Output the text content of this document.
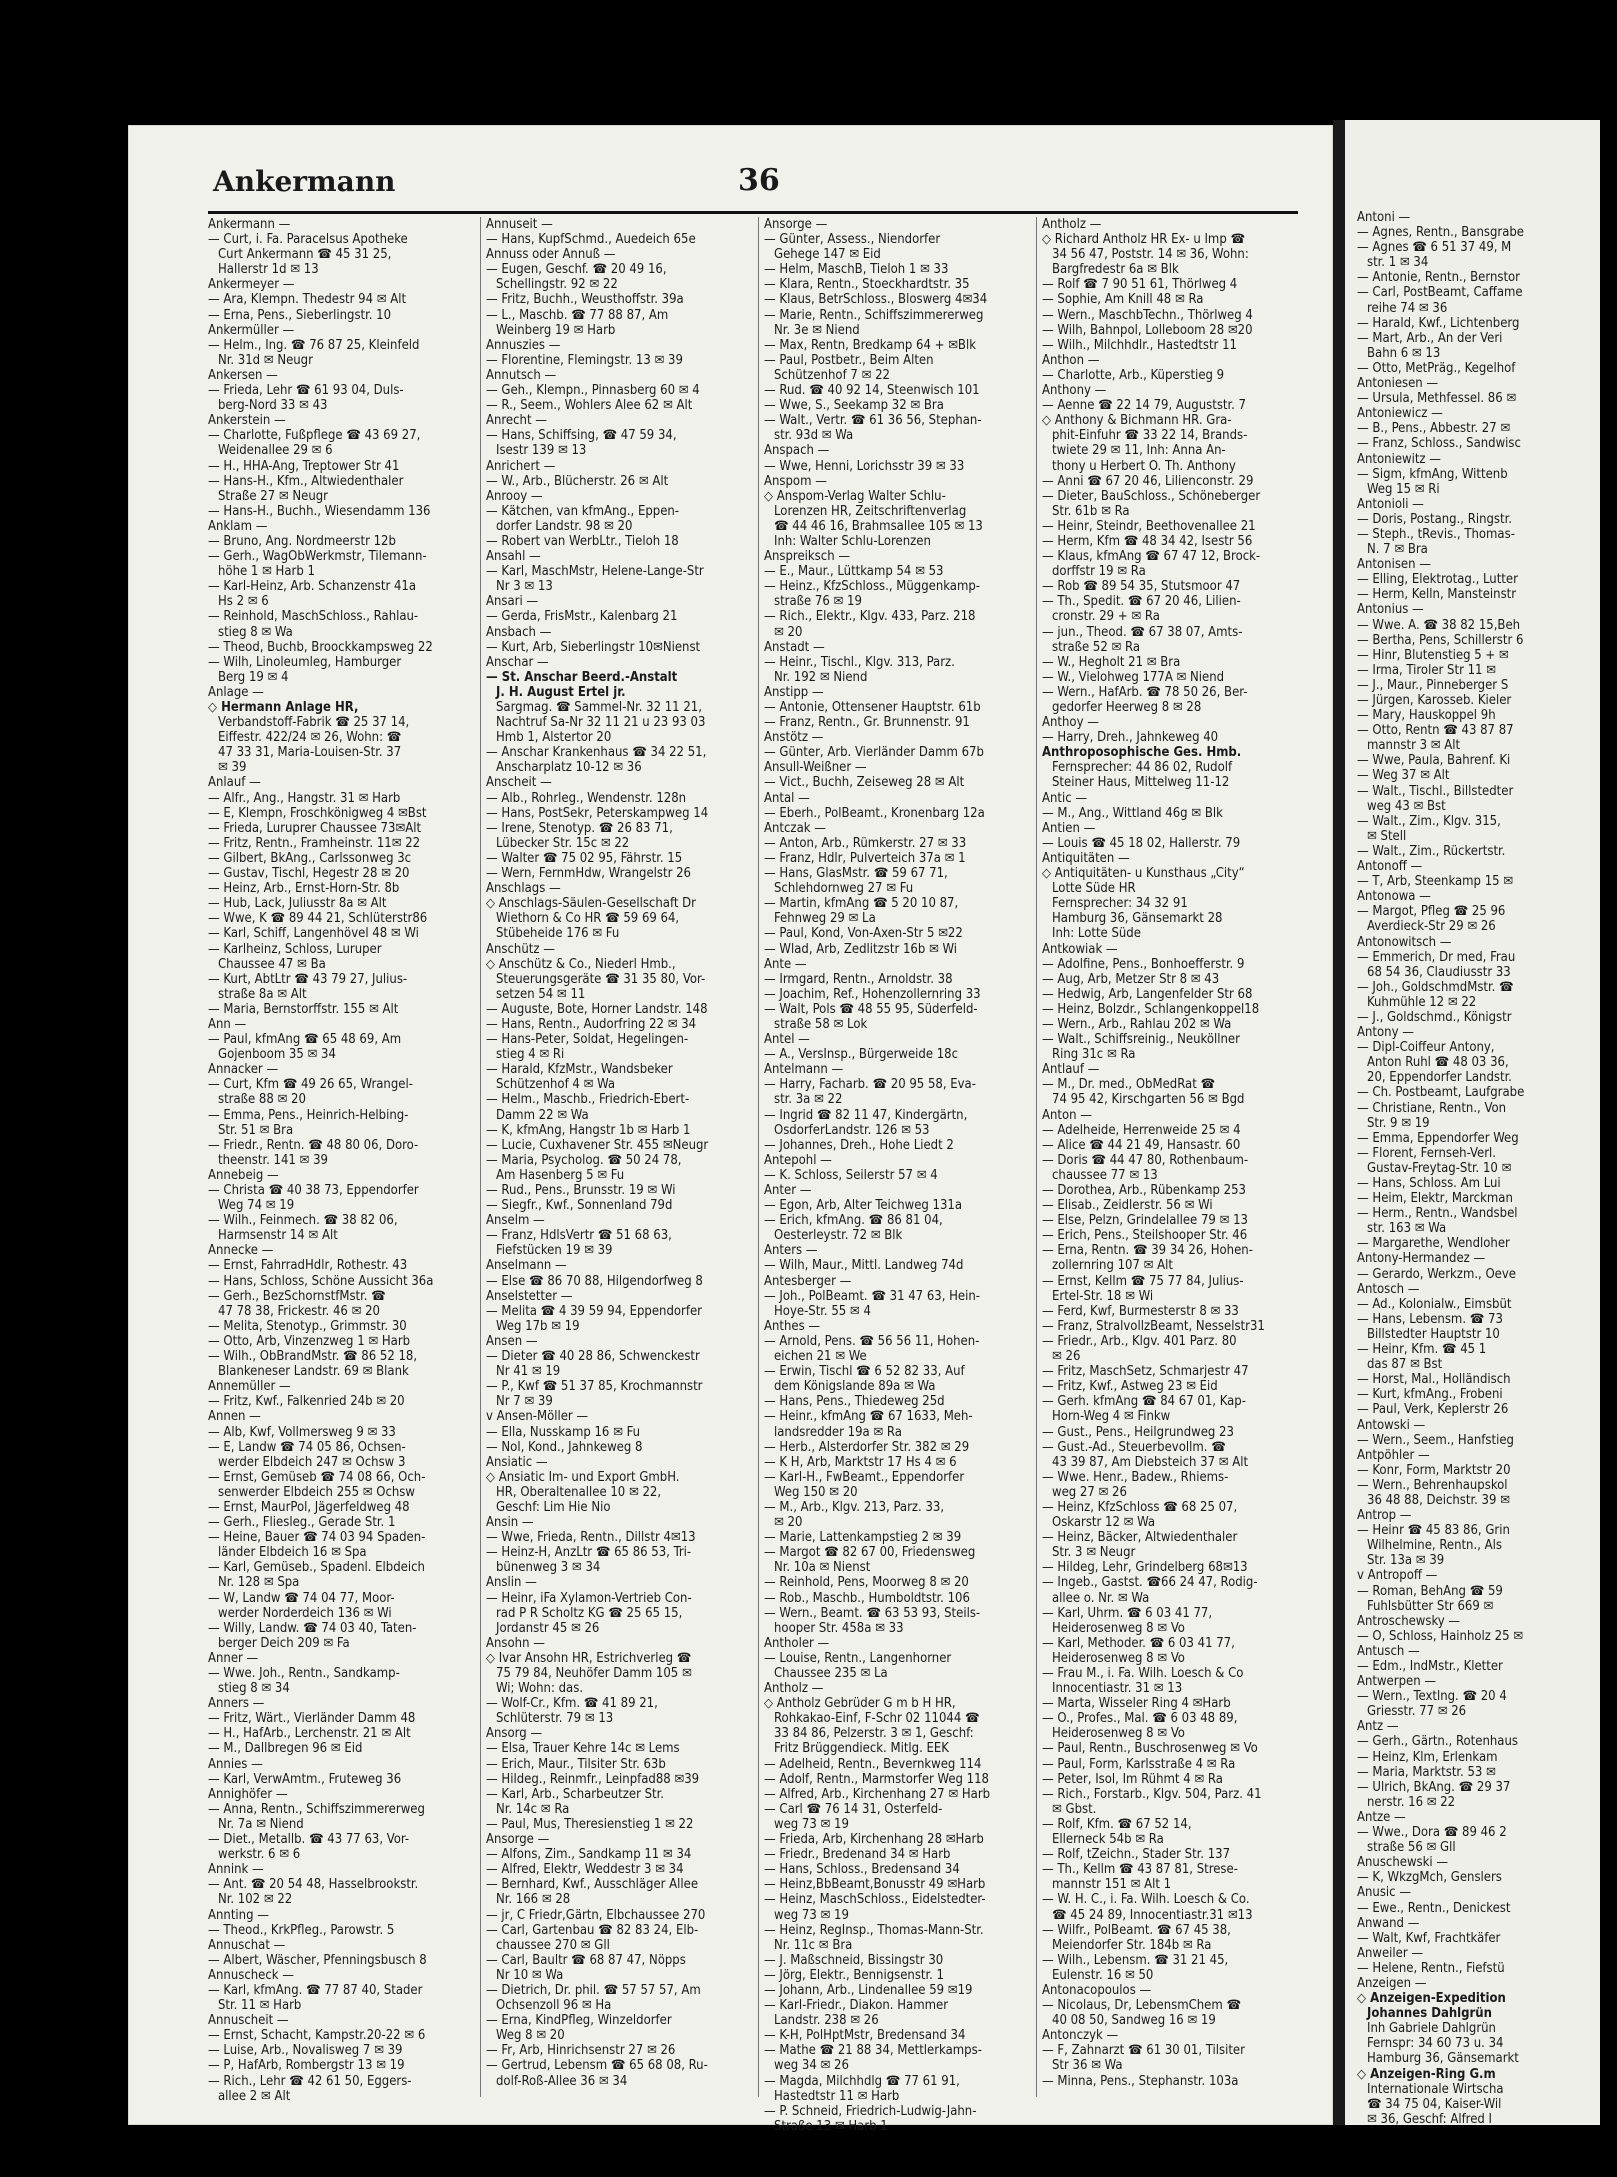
Ankermann	36
Ankermann —
— Curt, i. Fa. Paracelsus Apotheke
Curt Ankermann ☎ 45 31 25,
Hallerstr 1d ✉ 13
Ankermeyer —
— Ara, Klempn. Thedestr 94 ✉ Alt
— Erna, Pens., Sieberlingstr. 10
Ankermüller —
— Helm., Ing. ☎ 76 87 25, Kleinfeld
Nr. 31d ✉ Neugr
Ankersen —
— Frieda, Lehr ☎ 61 93 04, Duls-
berg-Nord 33 ✉ 43
Ankerstein —
— Charlotte, Fußpflege ☎ 43 69 27,
Weidenallee 29 ✉ 6
— H., HHA-Ang, Treptower Str 41
— Hans-H., Kfm., Altwiedenthaler
Straße 27 ✉ Neugr
— Hans-H., Buchh., Wiesendamm 136
Anklam —
— Bruno, Ang. Nordmeerstr 12b
— Gerh., WagObWerkmstr, Tilemann-
höhe 1 ✉ Harb 1
— Karl-Heinz, Arb. Schanzenstr 41a
Hs 2 ✉ 6
— Reinhold, MaschSchloss., Rahlau-
stieg 8 ✉ Wa
— Theod, Buchb, Broockkampsweg 22
— Wilh, Linoleumleg, Hamburger
Berg 19 ✉ 4
Anlage —
◇ Hermann Anlage HR,
Verbandstoff-Fabrik ☎ 25 37 14,
Eiffestr. 422/24 ✉ 26, Wohn: ☎
47 33 31, Maria-Louisen-Str. 37
✉ 39
Anlauf —
— Alfr., Ang., Hangstr. 31 ✉ Harb
— E, Klempn, Froschkönigweg 4 ✉Bst
— Frieda, Luruprer Chaussee 73✉Alt
— Fritz, Rentn., Framheinstr. 11✉ 22
— Gilbert, BkAng., Carlssonweg 3c
— Gustav, Tischl, Hegestr 28 ✉ 20
— Heinz, Arb., Ernst-Horn-Str. 8b
— Hub, Lack, Juliusstr 8a ✉ Alt
— Wwe, K ☎ 89 44 21, Schlüterstr86
— Karl, Schiff, Langenhövel 48 ✉ Wi
— Karlheinz, Schloss, Luruper
Chaussee 47 ✉ Ba
— Kurt, AbtLtr ☎ 43 79 27, Julius-
straße 8a ✉ Alt
— Maria, Bernstorffstr. 155 ✉ Alt
Ann —
— Paul, kfmAng ☎ 65 48 69, Am
Gojenboom 35 ✉ 34
Annacker —
— Curt, Kfm ☎ 49 26 65, Wrangel-
straße 88 ✉ 20
— Emma, Pens., Heinrich-Helbing-
Str. 51 ✉ Bra
— Friedr., Rentn. ☎ 48 80 06, Doro-
theenstr. 141 ✉ 39
Annebeig —
— Christa ☎ 40 38 73, Eppendorfer
Weg 74 ✉ 19
— Wilh., Feinmech. ☎ 38 82 06,
Harmsenstr 14 ✉ Alt
Annecke —
— Ernst, FahrradHdlr, Rothestr. 43
— Hans, Schloss, Schöne Aussicht 36a
— Gerh., BezSchornstfMstr. ☎
47 78 38, Frickestr. 46 ✉ 20
— Melita, Stenotyp., Grimmstr. 30
— Otto, Arb, Vinzenzweg 1 ✉ Harb
— Wilh., ObBrandMstr. ☎ 86 52 18,
Blankeneser Landstr. 69 ✉ Blank
Annemüller —
— Fritz, Kwf., Falkenried 24b ✉ 20
Annen —
— Alb, Kwf, Vollmersweg 9 ✉ 33
— E, Landw ☎ 74 05 86, Ochsen-
werder Elbdeich 247 ✉ Ochsw 3
— Ernst, Gemüseb ☎ 74 08 66, Och-
senwerder Elbdeich 255 ✉ Ochsw
— Ernst, MaurPol, Jägerfeldweg 48
— Gerh., Fliesleg., Gerade Str. 1
— Heine, Bauer ☎ 74 03 94 Spaden-
länder Elbdeich 16 ✉ Spa
— Karl, Gemüseb., Spadenl. Elbdeich
Nr. 128 ✉ Spa
— W, Landw ☎ 74 04 77, Moor-
werder Norderdeich 136 ✉ Wi
— Willy, Landw. ☎ 74 03 40, Taten-
berger Deich 209 ✉ Fa
Anner —
— Wwe. Joh., Rentn., Sandkamp-
stieg 8 ✉ 34
Anners —
— Fritz, Wärt., Vierländer Damm 48
— H., HafArb., Lerchenstr. 21 ✉ Alt
— M., Dallbregen 96 ✉ Eid
Annies —
— Karl, VerwAmtm., Fruteweg 36
Annighöfer —
— Anna, Rentn., Schiffszimmererweg
Nr. 7a ✉ Niend
— Diet., Metallb. ☎ 43 77 63, Vor-
werkstr. 6 ✉ 6
Annink —
— Ant. ☎ 20 54 48, Hasselbrookstr.
Nr. 102 ✉ 22
Annting —
— Theod., KrkPfleg., Parowstr. 5
Annuschat —
— Albert, Wäscher, Pfenningsbusch 8
Annuscheck —
— Karl, kfmAng. ☎ 77 87 40, Stader
Str. 11 ✉ Harb
Annuscheit —
— Ernst, Schacht, Kampstr.20-22 ✉ 6
— Luise, Arb., Novalisweg 7 ✉ 39
— P, HafArb, Rombergstr 13 ✉ 19
— Rich., Lehr ☎ 42 61 50, Eggers-
allee 2 ✉ Alt
Annuseit —
— Hans, KupfSchmd., Auedeich 65e
Annuss oder Annuß —
— Eugen, Geschf. ☎ 20 49 16,
Schellingstr. 92 ✉ 22
— Fritz, Buchh., Weusthoffstr. 39a
— L., Maschb. ☎ 77 88 87, Am
Weinberg 19 ✉ Harb
Annuszies —
— Florentine, Flemingstr. 13 ✉ 39
Annutsch —
— Geh., Klempn., Pinnasberg 60 ✉ 4
— R., Seem., Wohlers Alee 62 ✉ Alt
Anrecht —
— Hans, Schiffsing, ☎ 47 59 34,
Isestr 139 ✉ 13
Anrichert —
— W., Arb., Blücherstr. 26 ✉ Alt
Anrooy —
— Kätchen, van kfmAng., Eppen-
dorfer Landstr. 98 ✉ 20
— Robert van WerbLtr., Tieloh 18
Ansahl —
— Karl, MaschMstr, Helene-Lange-Str
Nr 3 ✉ 13
Ansari —
— Gerda, FrisMstr., Kalenbarg 21
Ansbach —
— Kurt, Arb, Sieberlingstr 10✉Nienst
Anschar —
— St. Anschar Beerd.-Anstalt
J. H. August Ertel jr.
Sargmag. ☎ Sammel-Nr. 32 11 21,
Nachtruf Sa-Nr 32 11 21 u 23 93 03
Hmb 1, Alstertor 20
— Anschar Krankenhaus ☎ 34 22 51,
Anscharplatz 10-12 ✉ 36
Anscheit —
— Alb., Rohrleg., Wendenstr. 128n
— Hans, PostSekr, Peterskampweg 14
— Irene, Stenotyp. ☎ 26 83 71,
Lübecker Str. 15c ✉ 22
— Walter ☎ 75 02 95, Fährstr. 15
— Wern, FernmHdw, Wrangelstr 26
Anschlags —
◇ Anschlags-Säulen-Gesellschaft Dr
Wiethorn & Co HR ☎ 59 69 64,
Stübeheide 176 ✉ Fu
Anschütz —
◇ Anschütz & Co., Niederl Hmb.,
Steuerungsgeräte ☎ 31 35 80, Vor-
setzen 54 ✉ 11
— Auguste, Bote, Horner Landstr. 148
— Hans, Rentn., Audorfring 22 ✉ 34
— Hans-Peter, Soldat, Hegelingen-
stieg 4 ✉ Ri
— Harald, KfzMstr., Wandsbeker
Schützenhof 4 ✉ Wa
— Helm., Maschb., Friedrich-Ebert-
Damm 22 ✉ Wa
— K, kfmAng, Hangstr 1b ✉ Harb 1
— Lucie, Cuxhavener Str. 455 ✉Neugr
— Maria, Psycholog. ☎ 50 24 78,
Am Hasenberg 5 ✉ Fu
— Rud., Pens., Brunsstr. 19 ✉ Wi
— Siegfr., Kwf., Sonnenland 79d
Anselm —
— Franz, HdlsVertr ☎ 51 68 63,
Fiefstücken 19 ✉ 39
Anselmann —
— Else ☎ 86 70 88, Hilgendorfweg 8
Anselstetter —
— Melita ☎ 4 39 59 94, Eppendorfer
Weg 17b ✉ 19
Ansen —
— Dieter ☎ 40 28 86, Schwenckestr
Nr 41 ✉ 19
— P., Kwf ☎ 51 37 85, Krochmannstr
Nr 7 ✉ 39
v Ansen-Möller —
— Ella, Nusskamp 16 ✉ Fu
— Nol, Kond., Jahnkeweg 8
Ansiatic —
◇ Ansiatic Im- und Export GmbH.
HR, Oberaltenallee 10 ✉ 22,
Geschf: Lim Hie Nio
Ansin —
— Wwe, Frieda, Rentn., Dillstr 4✉13
— Heinz-H, AnzLtr ☎ 65 86 53, Tri-
bünenweg 3 ✉ 34
Anslin —
— Heinr, iFa Xylamon-Vertrieb Con-
rad P R Scholtz KG ☎ 25 65 15,
Jordanstr 45 ✉ 26
Ansohn —
◇ Ivar Ansohn HR, Estrichverleg ☎
75 79 84, Neuhöfer Damm 105 ✉
Wi; Wohn: das.
— Wolf-Cr., Kfm. ☎ 41 89 21,
Schlüterstr. 79 ✉ 13
Ansorg —
— Elsa, Trauer Kehre 14c ✉ Lems
— Erich, Maur., Tilsiter Str. 63b
— Hildeg., Reinmfr., Leinpfad88 ✉39
— Karl, Arb., Scharbeutzer Str.
Nr. 14c ✉ Ra
— Paul, Mus, Theresienstieg 1 ✉ 22
Ansorge —
— Alfons, Zim., Sandkamp 11 ✉ 34
— Alfred, Elektr, Weddestr 3 ✉ 34
— Bernhard, Kwf., Ausschläger Allee
Nr. 166 ✉ 28
— jr, C Friedr,Gärtn, Elbchaussee 270
— Carl, Gartenbau ☎ 82 83 24, Elb-
chaussee 270 ✉ Gll
— Carl, Baultr ☎ 68 87 47, Nöpps
Nr 10 ✉ Wa
— Dietrich, Dr. phil. ☎ 57 57 57, Am
Ochsenzoll 96 ✉ Ha
— Erna, KindPfleg, Winzeldorfer
Weg 8 ✉ 20
— Fr, Arb, Hinrichsenstr 27 ✉ 26
— Gertrud, Lebensm ☎ 65 68 08, Ru-
dolf-Roß-Allee 36 ✉ 34
Ansorge —
— Günter, Assess., Niendorfer
Gehege 147 ✉ Eid
— Helm, MaschB, Tieloh 1 ✉ 33
— Klara, Rentn., Stoeckhardtstr. 35
— Klaus, BetrSchloss., Bloswerg 4✉34
— Marie, Rentn., Schiffszimmererweg
Nr. 3e ✉ Niend
— Max, Rentn, Bredkamp 64 + ✉Blk
— Paul, Postbetr., Beim Alten
Schützenhof 7 ✉ 22
— Rud. ☎ 40 92 14, Steenwisch 101
— Wwe, S., Seekamp 32 ✉ Bra
— Walt., Vertr. ☎ 61 36 56, Stephan-
str. 93d ✉ Wa
Anspach —
— Wwe, Henni, Lorichsstr 39 ✉ 33
Anspom —
◇ Anspom-Verlag Walter Schlu-
Lorenzen HR, Zeitschriftenverlag
☎ 44 46 16, Brahmsallee 105 ✉ 13
Inh: Walter Schlu-Lorenzen
Anspreiksch —
— E., Maur., Lüttkamp 54 ✉ 53
— Heinz., KfzSchloss., Müggenkamp-
straße 76 ✉ 19
— Rich., Elektr., Klgv. 433, Parz. 218
✉ 20
Anstadt —
— Heinr., Tischl., Klgv. 313, Parz.
Nr. 192 ✉ Niend
Anstipp —
— Antonie, Ottensener Hauptstr. 61b
— Franz, Rentn., Gr. Brunnenstr. 91
Anstötz —
— Günter, Arb. Vierländer Damm 67b
Ansull-Weißner —
— Vict., Buchh, Zeiseweg 28 ✉ Alt
Antal —
— Eberh., PolBeamt., Kronenbarg 12a
Antczak —
— Anton, Arb., Rümkerstr. 27 ✉ 33
— Franz, Hdlr, Pulverteich 37a ✉ 1
— Hans, GlasMstr. ☎ 59 67 71,
Schlehdornweg 27 ✉ Fu
— Martin, kfmAng ☎ 5 20 10 87,
Fehnweg 29 ✉ La
— Paul, Kond, Von-Axen-Str 5 ✉22
— Wlad, Arb, Zedlitzstr 16b ✉ Wi
Ante —
— Irmgard, Rentn., Arnoldstr. 38
— Joachim, Ref., Hohenzollernring 33
— Walt, Pols ☎ 48 55 95, Süderfeld-
straße 58 ✉ Lok
Antel —
— A., VersInsp., Bürgerweide 18c
Antelmann —
— Harry, Facharb. ☎ 20 95 58, Eva-
str. 3a ✉ 22
— Ingrid ☎ 82 11 47, Kindergärtn,
OsdorferLandstr. 126 ✉ 53
— Johannes, Dreh., Hohe Liedt 2
Antepohl —
— K. Schloss, Seilerstr 57 ✉ 4
Anter —
— Egon, Arb, Alter Teichweg 131a
— Erich, kfmAng. ☎ 86 81 04,
Oesterleystr. 72 ✉ Blk
Anters —
— Wilh, Maur., Mittl. Landweg 74d
Antesberger —
— Joh., PolBeamt. ☎ 31 47 63, Hein-
Hoye-Str. 55 ✉ 4
Anthes —
— Arnold, Pens. ☎ 56 56 11, Hohen-
eichen 21 ✉ We
— Erwin, Tischl ☎ 6 52 82 33, Auf
dem Königslande 89a ✉ Wa
— Hans, Pens., Thiedeweg 25d
— Heinr., kfmAng ☎ 67 1633, Meh-
landsredder 19a ✉ Ra
— Herb., Alsterdorfer Str. 382 ✉ 29
— K H, Arb, Marktstr 17 Hs 4 ✉ 6
— Karl-H., FwBeamt., Eppendorfer
Weg 150 ✉ 20
— M., Arb., Klgv. 213, Parz. 33,
✉ 20
— Marie, Lattenkampstieg 2 ✉ 39
— Margot ☎ 82 67 00, Friedensweg
Nr. 10a ✉ Nienst
— Reinhold, Pens, Moorweg 8 ✉ 20
— Rob., Maschb., Humboldtstr. 106
— Wern., Beamt. ☎ 63 53 93, Steils-
hooper Str. 458a ✉ 33
Antholer —
— Louise, Rentn., Langenhorner
Chaussee 235 ✉ La
Antholz —
◇ Antholz Gebrüder G m b H HR,
Rohkakao-Einf, F-Schr 02 11044 ☎
33 84 86, Pelzerstr. 3 ✉ 1, Geschf:
Fritz Brüggendieck. Mitlg. EEK
— Adelheid, Rentn., Bevernkweg 114
— Adolf, Rentn., Marmstorfer Weg 118
— Alfred, Arb., Kirchenhang 27 ✉ Harb
— Carl ☎ 76 14 31, Osterfeld-
weg 73 ✉ 19
— Frieda, Arb, Kirchenhang 28 ✉Harb
— Friedr., Bredenand 34 ✉ Harb
— Hans, Schloss., Bredensand 34
— Heinz,BbBeamt,Bonusstr 49 ✉Harb
— Heinz, MaschSchloss., Eidelstedter-
weg 73 ✉ 19
— Heinz, RegInsp., Thomas-Mann-Str.
Nr. 11c ✉ Bra
— J. Maßschneid, Bissingstr 30
— Jörg, Elektr., Bennigsenstr. 1
— Johann, Arb., Lindenallee 59 ✉19
— Karl-Friedr., Diakon. Hammer
Landstr. 238 ✉ 26
— K-H, PolHptMstr, Bredensand 34
— Mathe ☎ 21 88 34, Mettlerkamps-
weg 34 ✉ 26
— Magda, Milchhdlg ☎ 77 61 91,
Hastedtstr 11 ✉ Harb
— P. Schneid, Friedrich-Ludwig-Jahn-
Straße 13 ✉ Harb 1
Antholz —
◇ Richard Antholz HR Ex- u Imp ☎
34 56 47, Poststr. 14 ✉ 36, Wohn:
Bargfredestr 6a ✉ Blk
— Rolf ☎ 7 90 51 61, Thörlweg 4
— Sophie, Am Knill 48 ✉ Ra
— Wern., MaschbTechn., Thörlweg 4
— Wilh, Bahnpol, Lolleboom 28 ✉20
— Wilh., Milchhdlr., Hastedtstr 11
Anthon —
— Charlotte, Arb., Küperstieg 9
Anthony —
— Aenne ☎ 22 14 79, Auguststr. 7
◇ Anthony & Bichmann HR. Gra-
phit-Einfuhr ☎ 33 22 14, Brands-
twiete 29 ✉ 11, Inh: Anna An-
thony u Herbert O. Th. Anthony
— Anni ☎ 67 20 46, Lilienconstr. 29
— Dieter, BauSchloss., Schöneberger
Str. 61b ✉ Ra
— Heinr, Steindr, Beethovenallee 21
— Herm, Kfm ☎ 48 34 42, Isestr 56
— Klaus, kfmAng ☎ 67 47 12, Brock-
dorffstr 19 ✉ Ra
— Rob ☎ 89 54 35, Stutsmoor 47
— Th., Spedit. ☎ 67 20 46, Lilien-
cronstr. 29 + ✉ Ra
— jun., Theod. ☎ 67 38 07, Amts-
straße 52 ✉ Ra
— W., Hegholt 21 ✉ Bra
— W., Vielohweg 177A ✉ Niend
— Wern., HafArb. ☎ 78 50 26, Ber-
gedorfer Heerweg 8 ✉ 28
Anthoy —
— Harry, Dreh., Jahnkeweg 40
Anthroposophische Ges. Hmb.
Fernsprecher: 44 86 02, Rudolf
Steiner Haus, Mittelweg 11-12
Antic —
— M., Ang., Wittland 46g ✉ Blk
Antien —
— Louis ☎ 45 18 02, Hallerstr. 79
Antiquitäten —
◇ Antiquitäten- u Kunsthaus „City“
Lotte Süde HR
Fernsprecher: 34 32 91
Hamburg 36, Gänsemarkt 28
Inh: Lotte Süde
Antkowiak —
— Adolfine, Pens., Bonhoefferstr. 9
— Aug, Arb, Metzer Str 8 ✉ 43
— Hedwig, Arb, Langenfelder Str 68
— Heinz, Bolzdr., Schlangenkoppel18
— Wern., Arb., Rahlau 202 ✉ Wa
— Walt., Schiffsreinig., Neuköllner
Ring 31c ✉ Ra
Antlauf —
— M., Dr. med., ObMedRat ☎
74 95 42, Kirschgarten 56 ✉ Bgd
Anton —
— Adelheide, Herrenweide 25 ✉ 4
— Alice ☎ 44 21 49, Hansastr. 60
— Doris ☎ 44 47 80, Rothenbaum-
chaussee 77 ✉ 13
— Dorothea, Arb., Rübenkamp 253
— Elisab., Zeidlerstr. 56 ✉ Wi
— Else, Pelzn, Grindelallee 79 ✉ 13
— Erich, Pens., Steilshooper Str. 46
— Erna, Rentn. ☎ 39 34 26, Hohen-
zollernring 107 ✉ Alt
— Ernst, Kellm ☎ 75 77 84, Julius-
Ertel-Str. 18 ✉ Wi
— Ferd, Kwf, Burmesterstr 8 ✉ 33
— Franz, StralvollzBeamt, Nesselstr31
— Friedr., Arb., Klgv. 401 Parz. 80
✉ 26
— Fritz, MaschSetz, Schmarjestr 47
— Fritz, Kwf., Astweg 23 ✉ Eid
— Gerh. kfmAng ☎ 84 67 01, Kap-
Horn-Weg 4 ✉ Finkw
— Gust., Pens., Heilgrundweg 23
— Gust.-Ad., Steuerbevollm. ☎
43 39 87, Am Diebsteich 37 ✉ Alt
— Wwe. Henr., Badew., Rhiems-
weg 27 ✉ 26
— Heinz, KfzSchloss ☎ 68 25 07,
Oskarstr 12 ✉ Wa
— Heinz, Bäcker, Altwiedenthaler
Str. 3 ✉ Neugr
— Hildeg, Lehr, Grindelberg 68✉13
— Ingeb., Gastst. ☎66 24 47, Rodig-
allee o. Nr. ✉ Wa
— Karl, Uhrm. ☎ 6 03 41 77,
Heiderosenweg 8 ✉ Vo
— Karl, Methoder. ☎ 6 03 41 77,
Heiderosenweg 8 ✉ Vo
— Frau M., i. Fa. Wilh. Loesch & Co
Innocentiastr. 31 ✉ 13
— Marta, Wisseler Ring 4 ✉Harb
— O., Profes., Mal. ☎ 6 03 48 89,
Heiderosenweg 8 ✉ Vo
— Paul, Rentn., Buschrosenweg ✉ Vo
— Paul, Form, Karlsstraße 4 ✉ Ra
— Peter, Isol, Im Rühmt 4 ✉ Ra
— Rich., Forstarb., Klgv. 504, Parz. 41
✉ Gbst.
— Rolf, Kfm. ☎ 67 52 14,
Ellerneck 54b ✉ Ra
— Rolf, tZeichn., Stader Str. 137
— Th., Kellm ☎ 43 87 81, Strese-
mannstr 151 ✉ Alt 1
— W. H. C., i. Fa. Wilh. Loesch & Co.
☎ 45 24 89, Innocentiastr.31 ✉13
— Wilfr., PolBeamt. ☎ 67 45 38,
Meiendorfer Str. 184b ✉ Ra
— Wilh., Lebensm. ☎ 31 21 45,
Eulenstr. 16 ✉ 50
Antonacopoulos —
— Nicolaus, Dr, LebensmChem ☎
40 08 50, Sandweg 16 ✉ 19
Antonczyk —
— F, Zahnarzt ☎ 61 30 01, Tilsiter
Str 36 ✉ Wa
— Minna, Pens., Stephanstr. 103a
Antoni —
— Agnes, Rentn., Bansgrabe
— Agnes ☎ 6 51 37 49, M
str. 1 ✉ 34
— Antonie, Rentn., Bernstor
— Carl, PostBeamt, Caffame
reihe 74 ✉ 36
— Harald, Kwf., Lichtenberg
— Mart, Arb., An der Veri
Bahn 6 ✉ 13
— Otto, MetPräg., Kegelhof
Antoniesen —
— Ursula, Methfessel. 86 ✉
Antoniewicz —
— B., Pens., Abbestr. 27 ✉
— Franz, Schloss., Sandwisc
Antoniewitz —
— Sigm, kfmAng, Wittenb
Weg 15 ✉ Ri
Antonioli —
— Doris, Postang., Ringstr.
— Steph., tRevis., Thomas-
N. 7 ✉ Bra
Antonisen —
— Elling, Elektrotag., Lutter
— Herm, Kelln, Mansteinstr
Antonius —
— Wwe. A. ☎ 38 82 15,Beh
— Bertha, Pens, Schillerstr 6
— Hinr, Blutenstieg 5 + ✉
— Irma, Tiroler Str 11 ✉
— J., Maur., Pinneberger S
— Jürgen, Karosseb. Kieler
— Mary, Hauskoppel 9h
— Otto, Rentn ☎ 43 87 87
mannstr 3 ✉ Alt
— Wwe, Paula, Bahrenf. Ki
— Weg 37 ✉ Alt
— Walt., Tischl., Billstedter
weg 43 ✉ Bst
— Walt., Zim., Klgv. 315,
✉ Stell
— Walt., Zim., Rückertstr.
Antonoff —
— T, Arb, Steenkamp 15 ✉
Antonowa —
— Margot, Pfleg ☎ 25 96
Averdieck-Str 29 ✉ 26
Antonowitsch —
— Emmerich, Dr med, Frau
68 54 36, Claudiusstr 33
— Joh., GoldschmdMstr. ☎
Kuhmühle 12 ✉ 22
— J., Goldschmd., Königstr
Antony —
— Dipl-Coiffeur Antony,
Anton Ruhl ☎ 48 03 36,
20, Eppendorfer Landstr.
— Ch. Postbeamt, Laufgrabe
— Christiane, Rentn., Von
Str. 9 ✉ 19
— Emma, Eppendorfer Weg
— Florent, Fernseh-Verl.
Gustav-Freytag-Str. 10 ✉
— Hans, Schloss. Am Lui
— Heim, Elektr, Marckman
— Herm., Rentn., Wandsbel
str. 163 ✉ Wa
— Margarethe, Wendloher
Antony-Hermandez —
— Gerardo, Werkzm., Oeve
Antosch —
— Ad., Kolonialw., Eimsbüt
— Hans, Lebensm. ☎ 73
Billstedter Hauptstr 10
— Heinr, Kfm. ☎ 45 1
das 87 ✉ Bst
— Horst, Mal., Holländisch
— Kurt, kfmAng., Frobeni
— Paul, Verk, Keplerstr 26
Antowski —
— Wern., Seem., Hanfstieg
Antpöhler —
— Konr, Form, Marktstr 20
— Wern., Behrenhaupskol
36 48 88, Deichstr. 39 ✉
Antrop —
— Heinr ☎ 45 83 86, Grin
Wilhelmine, Rentn., Als
Str. 13a ✉ 39
v Antropoff —
— Roman, BehAng ☎ 59
Fuhlsbütter Str 669 ✉
Antroschewsky —
— O, Schloss, Hainholz 25 ✉
Antusch —
— Edm., IndMstr., Kletter
Antwerpen —
— Wern., Textlng. ☎ 20 4
Griesstr. 77 ✉ 26
Antz —
— Gerh., Gärtn., Rotenhaus
— Heinz, Klm, Erlenkam
— Maria, Marktstr. 53 ✉
— Ulrich, BkAng. ☎ 29 37
nerstr. 16 ✉ 22
Antze —
— Wwe., Dora ☎ 89 46 2
straße 56 ✉ Gll
Anuschewski —
— K, WkzgMch, Genslers
Anusic —
— Ewe., Rentn., Denickest
Anwand —
— Walt, Kwf, Frachtkäfer
Anweiler —
— Helene, Rentn., Fiefstü
Anzeigen —
◇ Anzeigen-Expedition
Johannes Dahlgrün
Inh Gabriele Dahlgrün
Fernspr: 34 60 73 u. 34
Hamburg 36, Gänsemarkt
◇ Anzeigen-Ring G.m
Internationale Wirtscha
☎ 34 75 04, Kaiser-Wil
✉ 36, Geschf: Alfred I
